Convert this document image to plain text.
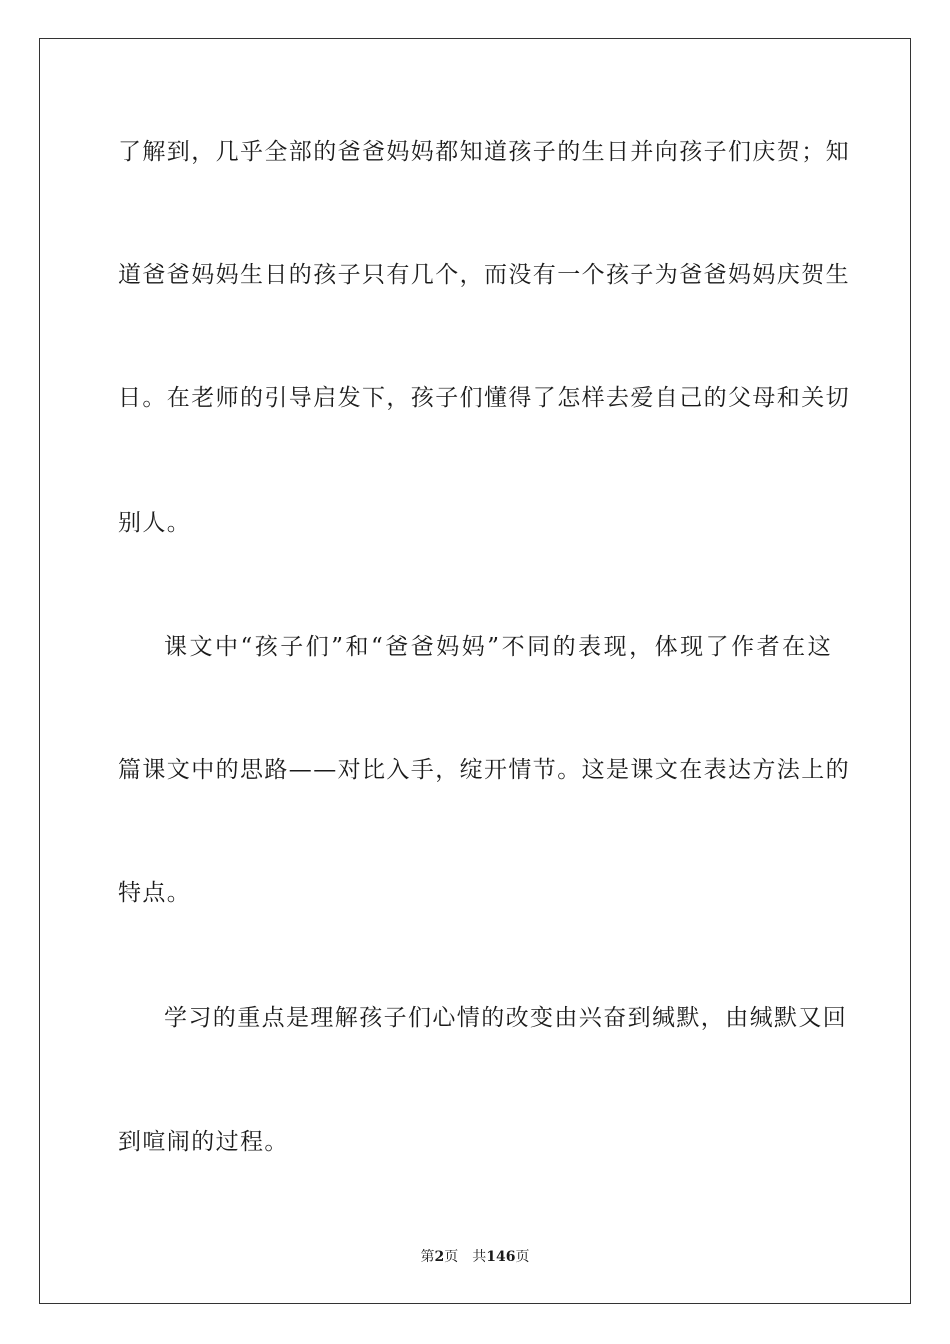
了解到，几乎全部的爸爸妈妈都知道孩子的生日并向孩子们庆贺；知

道爸爸妈妈生日的孩子只有几个，而没有一个孩子为爸爸妈妈庆贺生

日。在老师的引导启发下，孩子们懂得了怎样去爱自己的父母和关切

别人。

课文中“孩子们”和“爸爸妈妈”不同的表现，体现了作者在这

篇课文中的思路——对比入手，绽开情节。这是课文在表达方法上的

特点。

学习的重点是理解孩子们心情的改变由兴奋到缄默，由缄默又回

到喧闹的过程。

第2页 共146页
